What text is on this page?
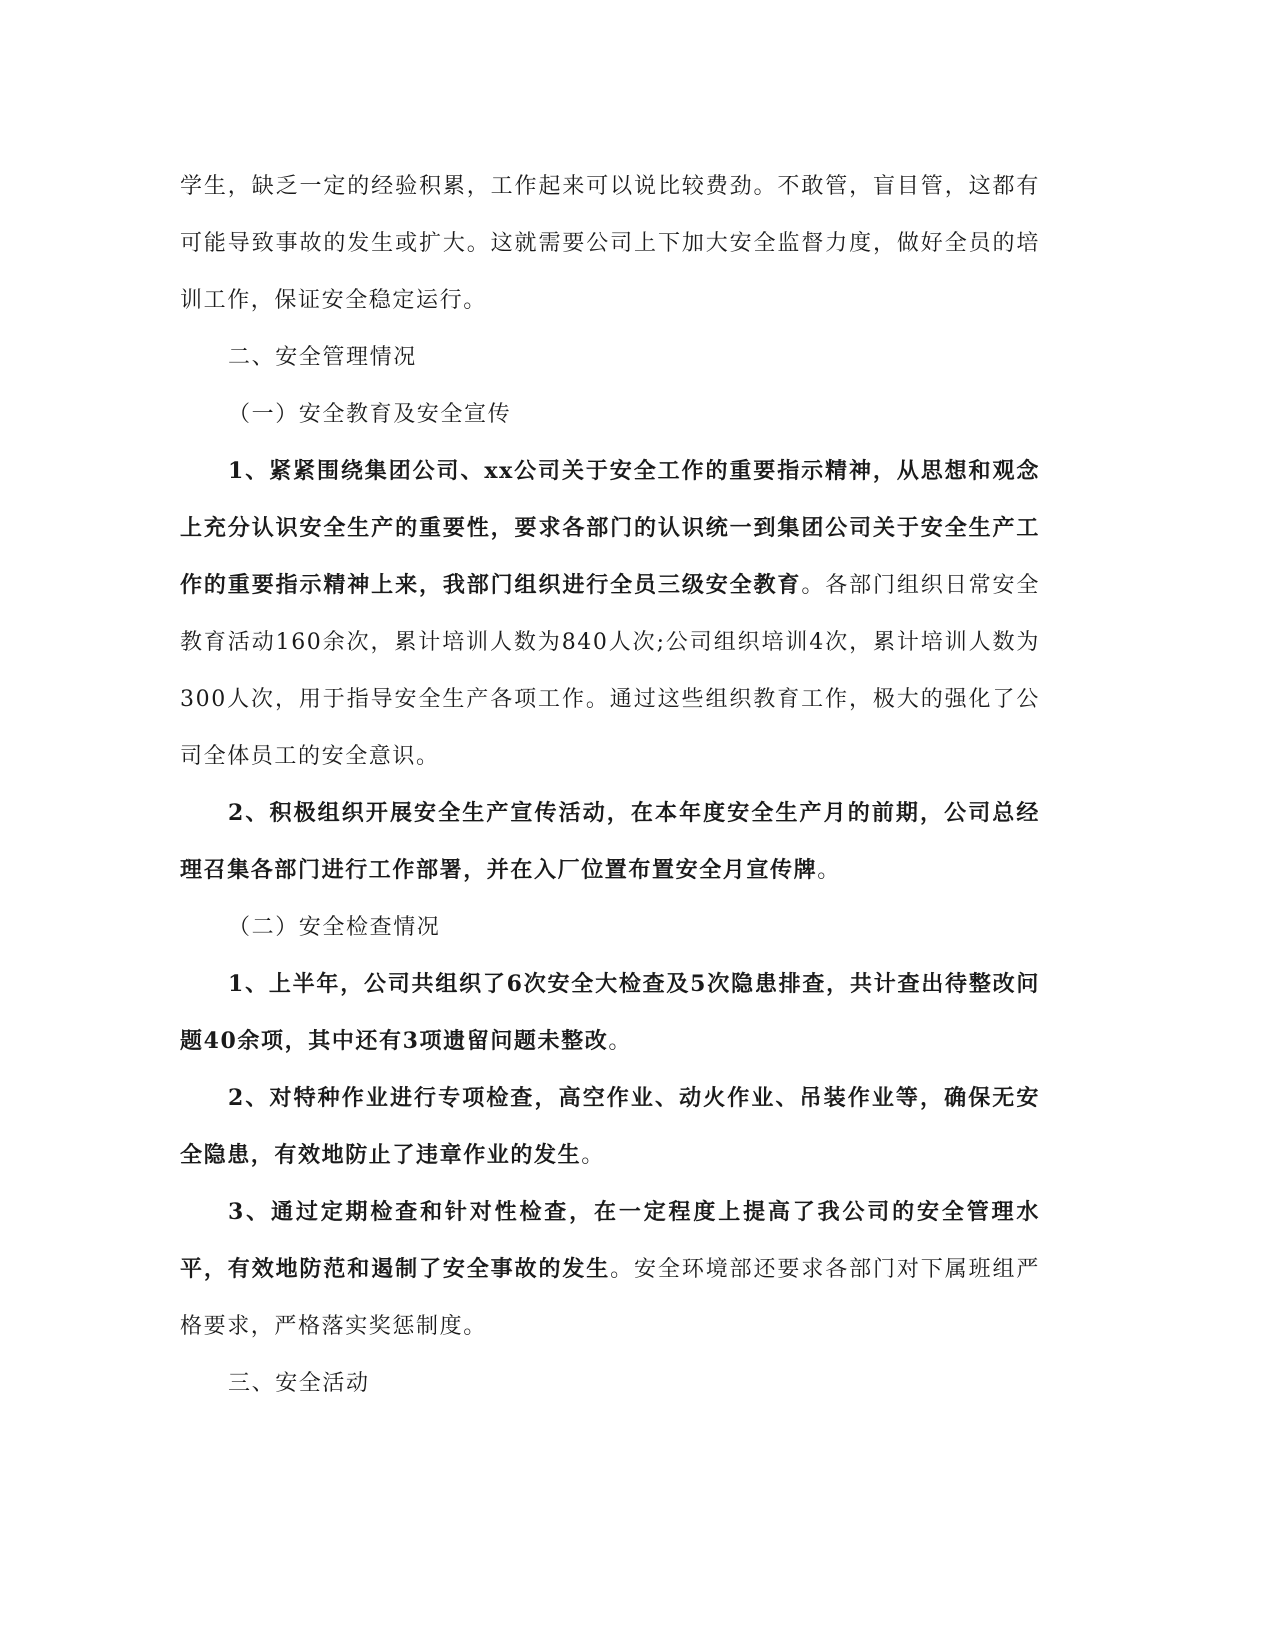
学生，缺乏一定的经验积累，工作起来可以说比较费劲。不敢管，盲目管，这都有可能导致事故的发生或扩大。这就需要公司上下加大安全监督力度，做好全员的培训工作，保证安全稳定运行。

二、安全管理情况

（一）安全教育及安全宣传

1、紧紧围绕集团公司、xx公司关于安全工作的重要指示精神，从思想和观念上充分认识安全生产的重要性，要求各部门的认识统一到集团公司关于安全生产工作的重要指示精神上来，我部门组织进行全员三级安全教育。各部门组织日常安全教育活动160余次，累计培训人数为840人次;公司组织培训4次，累计培训人数为300人次，用于指导安全生产各项工作。通过这些组织教育工作，极大的强化了公司全体员工的安全意识。

2、积极组织开展安全生产宣传活动，在本年度安全生产月的前期，公司总经理召集各部门进行工作部署，并在入厂位置布置安全月宣传牌。

（二）安全检查情况

1、上半年，公司共组织了6次安全大检查及5次隐患排查，共计查出待整改问题40余项，其中还有3项遗留问题未整改。

2、对特种作业进行专项检查，高空作业、动火作业、吊装作业等，确保无安全隐患，有效地防止了违章作业的发生。

3、通过定期检查和针对性检查，在一定程度上提高了我公司的安全管理水平，有效地防范和遏制了安全事故的发生。安全环境部还要求各部门对下属班组严格要求，严格落实奖惩制度。

三、安全活动
